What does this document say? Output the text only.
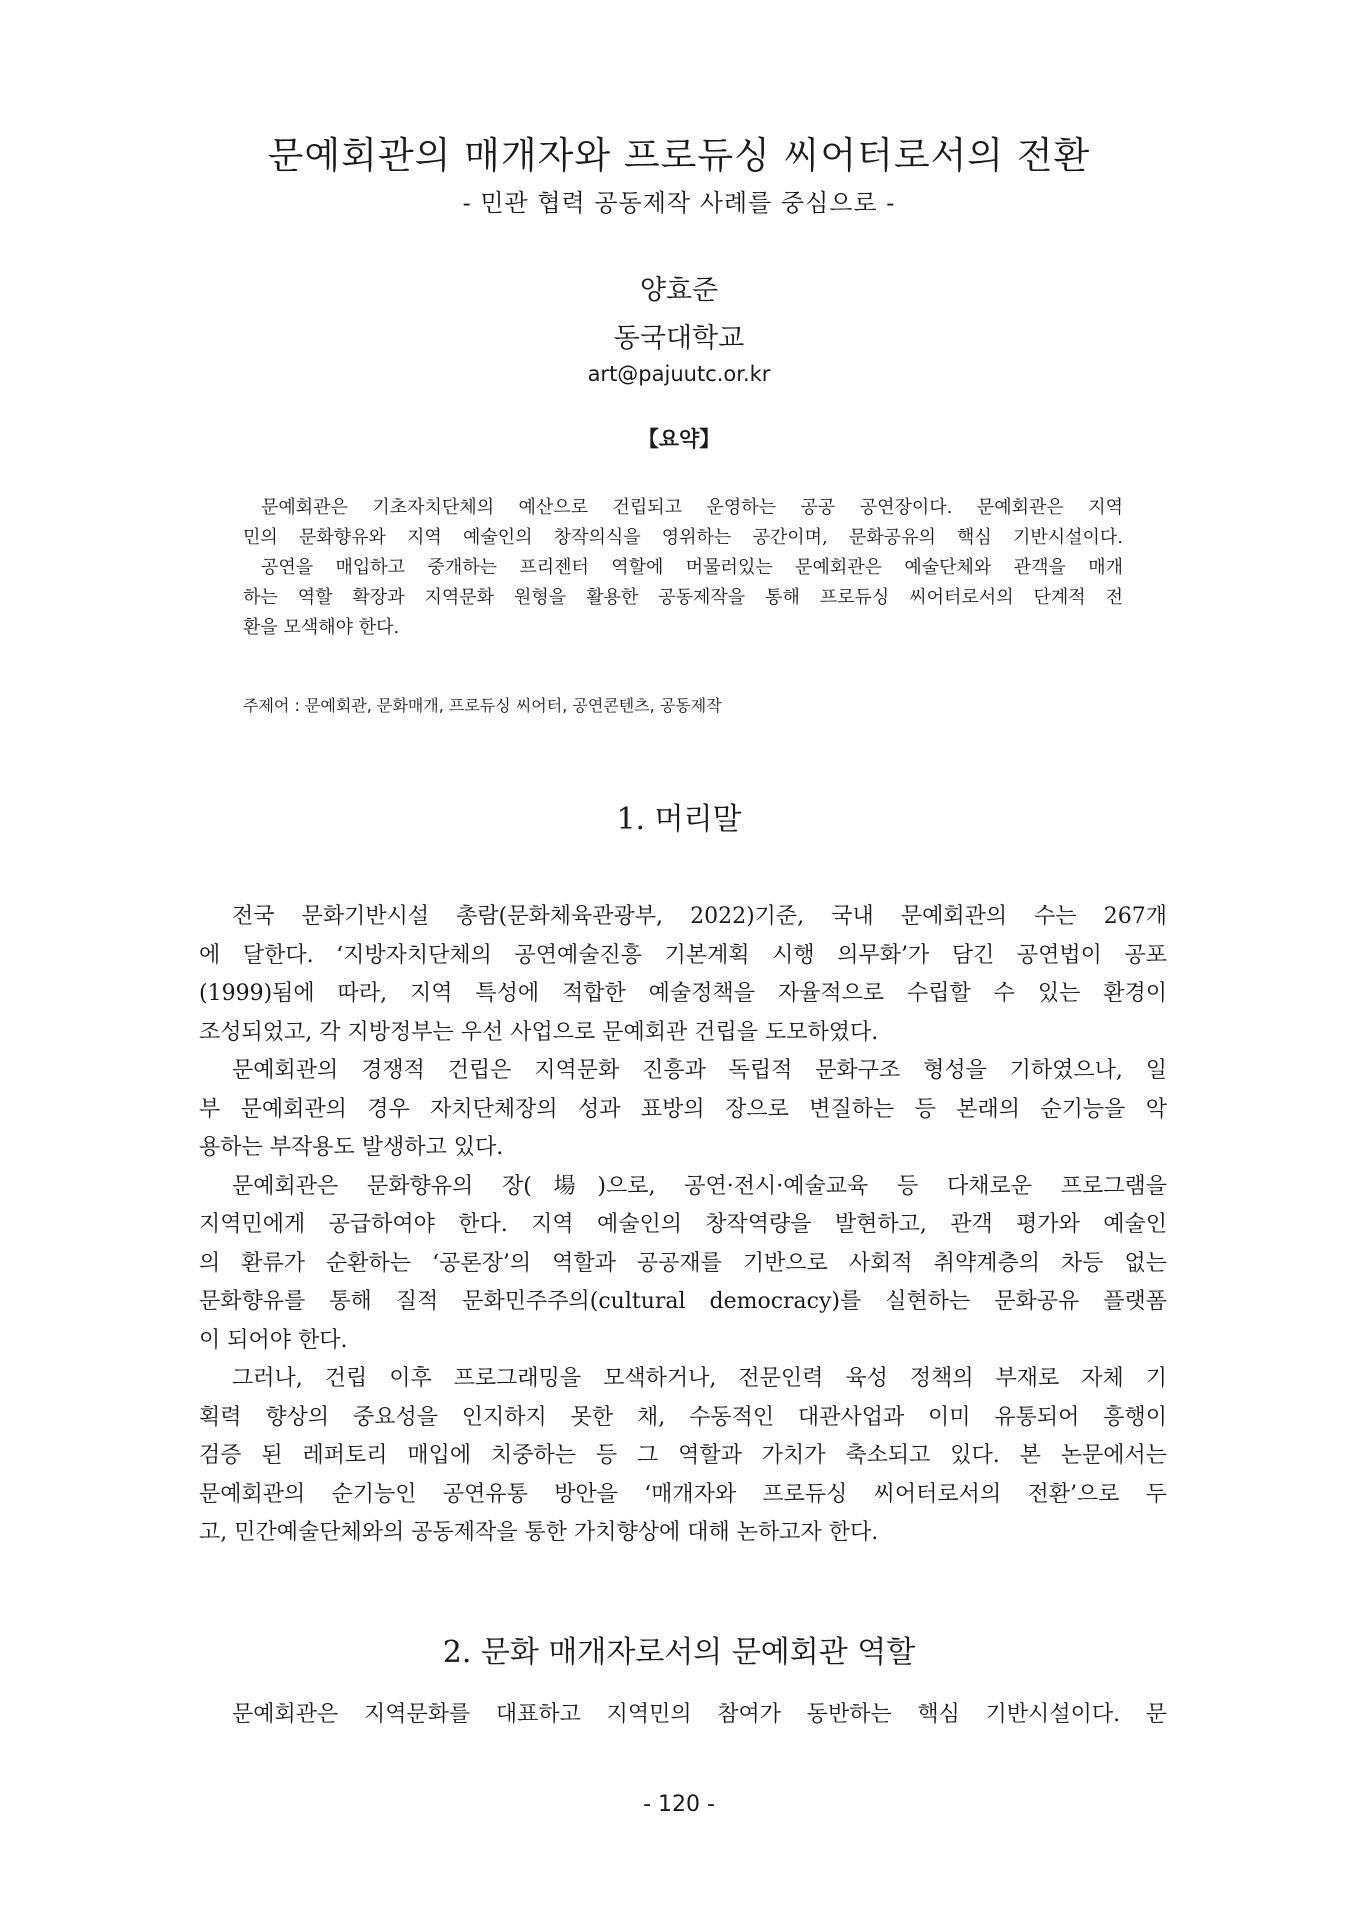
문예회관의 매개자와 프로듀싱 씨어터로서의 전환
- 민관 협력 공동제작 사례를 중심으로 -
양효준
동국대학교
art@pajuutc.or.kr
【요약】
문예회관은 기초자치단체의 예산으로 건립되고 운영하는 공공 공연장이다. 문예회관은 지역
민의 문화향유와 지역 예술인의 창작의식을 영위하는 공간이며, 문화공유의 핵심 기반시설이다.
공연을 매입하고 중개하는 프리젠터 역할에 머물러있는 문예회관은 예술단체와 관객을 매개
하는 역할 확장과 지역문화 원형을 활용한 공동제작을 통해 프로듀싱 씨어터로서의 단계적 전
환을 모색해야 한다.
주제어 : 문예회관, 문화매개, 프로듀싱 씨어터, 공연콘텐츠, 공동제작
1. 머리말
전국 문화기반시설 총람(문화체육관광부, 2022)기준, 국내 문예회관의 수는 267개
에 달한다. ‘지방자치단체의 공연예술진흥 기본계획 시행 의무화’가 담긴 공연법이 공포
(1999)됨에 따라, 지역 특성에 적합한 예술정책을 자율적으로 수립할 수 있는 환경이
조성되었고, 각 지방정부는 우선 사업으로 문예회관 건립을 도모하였다.
문예회관의 경쟁적 건립은 지역문화 진흥과 독립적 문화구조 형성을 기하였으나, 일
부 문예회관의 경우 자치단체장의 성과 표방의 장으로 변질하는 등 본래의 순기능을 악
용하는 부작용도 발생하고 있다.
문예회관은 문화향유의 장(場)으로, 공연·전시·예술교육 등 다채로운 프로그램을
지역민에게 공급하여야 한다. 지역 예술인의 창작역량을 발현하고, 관객 평가와 예술인
의 환류가 순환하는 ‘공론장’의 역할과 공공재를 기반으로 사회적 취약계층의 차등 없는
문화향유를 통해 질적 문화민주주의(cultural democracy)를 실현하는 문화공유 플랫폼
이 되어야 한다.
그러나, 건립 이후 프로그래밍을 모색하거나, 전문인력 육성 정책의 부재로 자체 기
획력 향상의 중요성을 인지하지 못한 채, 수동적인 대관사업과 이미 유통되어 흥행이
검증 된 레퍼토리 매입에 치중하는 등 그 역할과 가치가 축소되고 있다. 본 논문에서는
문예회관의 순기능인 공연유통 방안을 ‘매개자와 프로듀싱 씨어터로서의 전환’으로 두
고, 민간예술단체와의 공동제작을 통한 가치향상에 대해 논하고자 한다.
2. 문화 매개자로서의 문예회관 역할
문예회관은 지역문화를 대표하고 지역민의 참여가 동반하는 핵심 기반시설이다. 문
- 120 -
